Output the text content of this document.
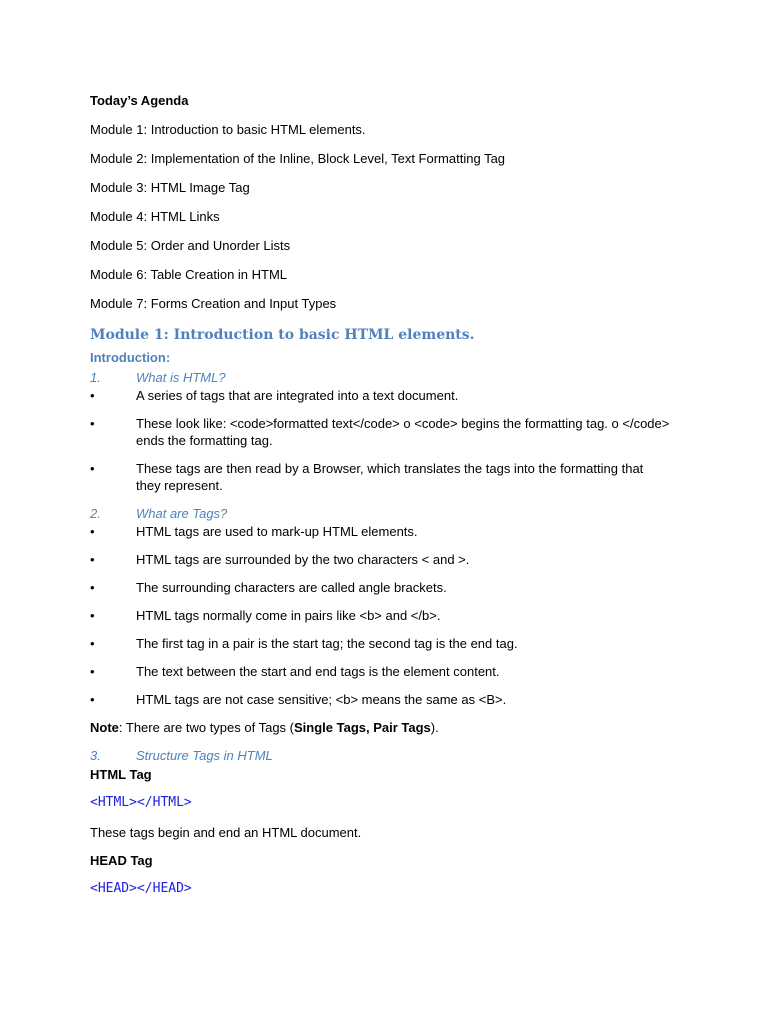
Today’s Agenda

Module 1: Introduction to basic HTML elements.

Module 2: Implementation of the Inline, Block Level, Text Formatting Tag

Module 3: HTML Image Tag

Module 4: HTML Links

Module 5: Order and Unorder Lists

Module 6: Table Creation in HTML

Module 7: Forms Creation and Input Types

Module 1: Introduction to basic HTML elements.
Introduction:
1.	What is HTML?
•	A series of tags that are integrated into a text document.
•	These look like: <code>formatted text</code> o <code> begins the formatting tag. o </code> ends the formatting tag.
•	These tags are then read by a Browser, which translates the tags into the formatting that they represent.
2.	What are Tags?
•	HTML tags are used to mark-up HTML elements.
•	HTML tags are surrounded by the two characters < and >.
•	The surrounding characters are called angle brackets.
•	HTML tags normally come in pairs like <b> and </b>.
•	The first tag in a pair is the start tag; the second tag is the end tag.
•	The text between the start and end tags is the element content.
•	HTML tags are not case sensitive; <b> means the same as <B>.

Note: There are two types of Tags (Single Tags, Pair Tags).

3.	Structure Tags in HTML

HTML Tag

<HTML></HTML>

These tags begin and end an HTML document.

HEAD Tag

<HEAD></HEAD>
